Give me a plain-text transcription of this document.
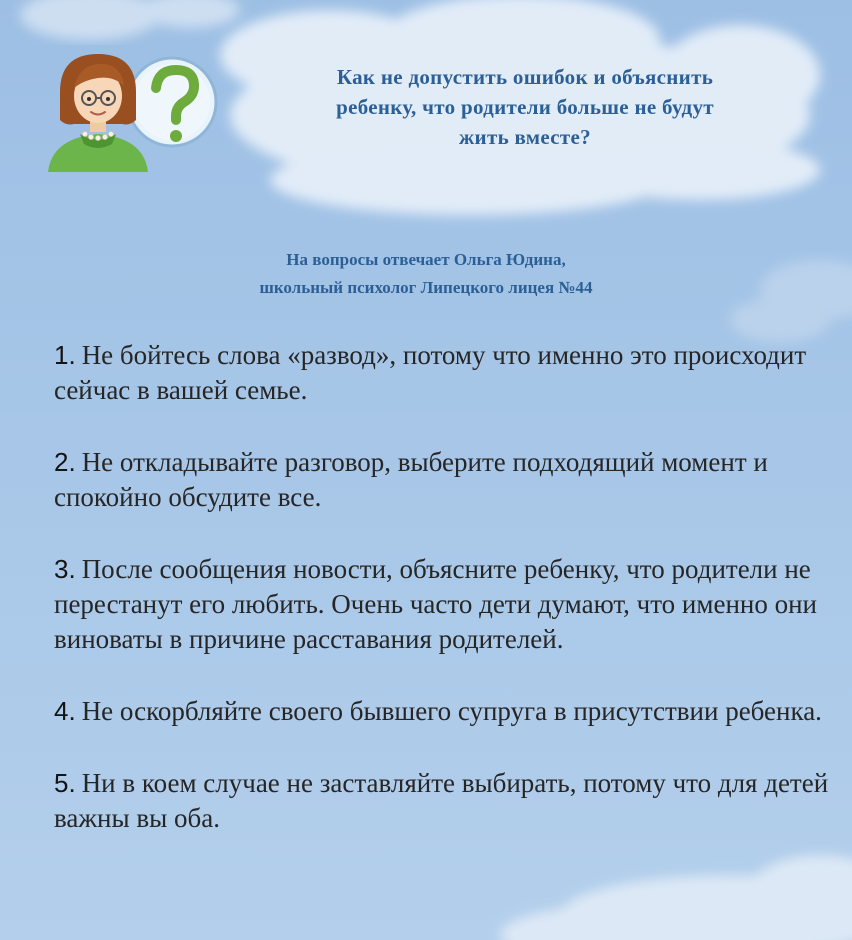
Как не допустить ошибок и объяснить
ребенку, что родители больше не будут
жить вместе?
На вопросы отвечает Ольга Юдина,
школьный психолог Липецкого лицея №44
1. Не бойтесь слова «развод», потому что именно это происходит сейчас в вашей семье.
2. Не откладывайте разговор, выберите подходящий момент и спокойно обсудите все.
3. После сообщения новости, объясните ребенку, что родители не перестанут его любить. Очень часто дети думают, что именно они виноваты в причине расставания родителей.
4. Не оскорбляйте своего бывшего супруга в присутствии ребенка.
5. Ни в коем случае не заставляйте выбирать, потому что для детей важны вы оба.
